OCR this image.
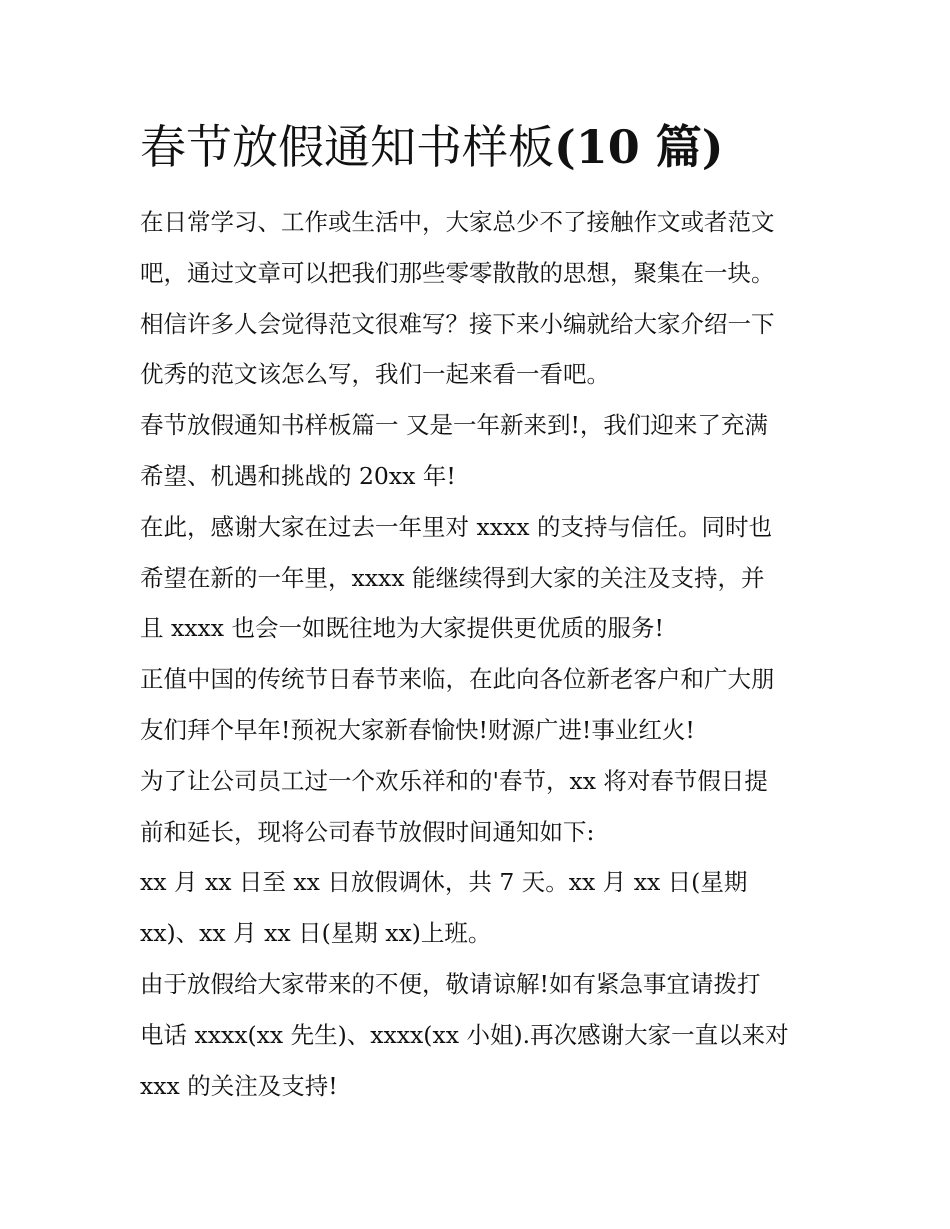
春节放假通知书样板(10 篇)

在日常学习、工作或生活中，大家总少不了接触作文或者范文
吧，通过文章可以把我们那些零零散散的思想，聚集在一块。
相信许多人会觉得范文很难写？接下来小编就给大家介绍一下
优秀的范文该怎么写，我们一起来看一看吧。

春节放假通知书样板篇一 又是一年新来到!，我们迎来了充满
希望、机遇和挑战的 20xx 年!

在此，感谢大家在过去一年里对 xxxx 的支持与信任。同时也
希望在新的一年里，xxxx 能继续得到大家的关注及支持，并
且 xxxx 也会一如既往地为大家提供更优质的服务!

正值中国的传统节日春节来临，在此向各位新老客户和广大朋
友们拜个早年!预祝大家新春愉快!财源广进!事业红火!

为了让公司员工过一个欢乐祥和的'春节，xx 将对春节假日提
前和延长，现将公司春节放假时间通知如下:

xx 月 xx 日至 xx 日放假调休，共 7 天。xx 月 xx 日(星期
xx)、xx 月 xx 日(星期 xx)上班。

由于放假给大家带来的不便，敬请谅解!如有紧急事宜请拨打
电话 xxxx(xx 先生)、xxxx(xx 小姐).再次感谢大家一直以来对
xxx 的关注及支持!
